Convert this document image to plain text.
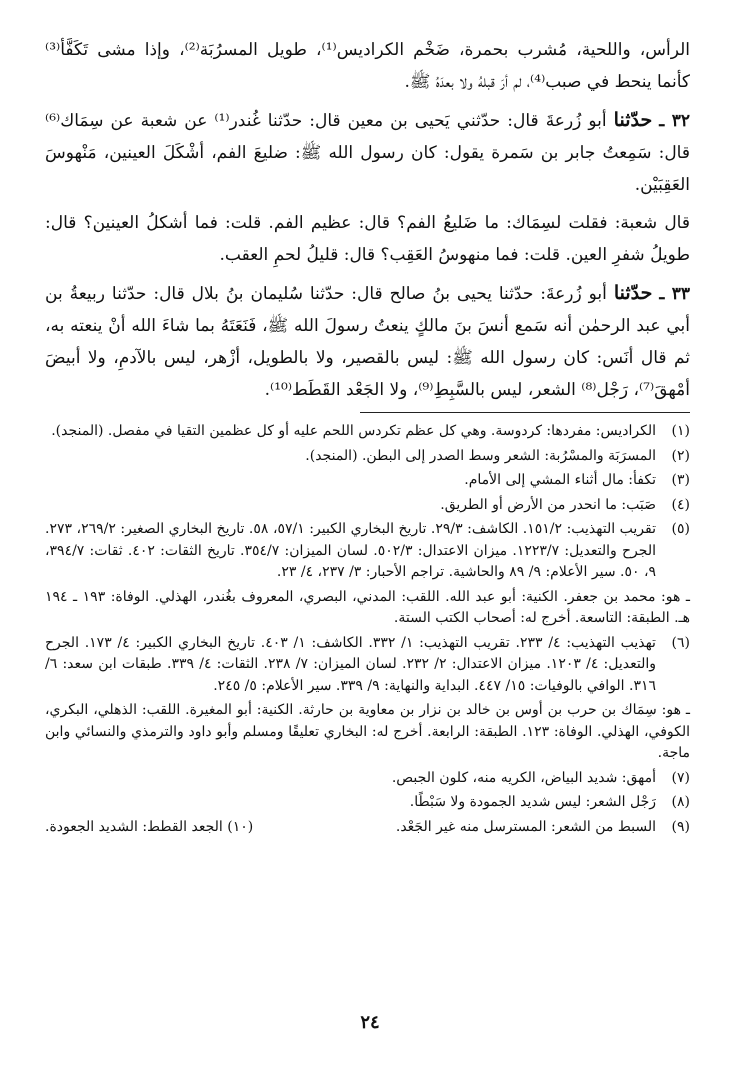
الرأس، واللحية، مُشرب بحمرة، ضَخْم الكراديس⁽¹⁾، طويل المسرُبَة⁽²⁾، وإذا مشى تَكَفَّأ⁽³⁾ كأنما ينحط في صبب⁽⁴⁾، لم أرَ قبلهُ ولا بعدَهُ ﷺ.

٣٢ ـ حدّثنا أبو زُرعةَ قال: حدّثني يَحيى بن معين قال: حدّثنا غُندر⁽¹⁾ عن شعبة عن سِمَاك⁽⁶⁾ قال: سَمِعتُ جابر بن سَمرة يقول: كان رسول الله ﷺ: ضليعَ الفم، أشْكَلَ العينين، مَنْهوسَ العَقِبَيْن.

قال شعبة: فقلت لسِمَاك: ما ضَليعُ الفم؟ قال: عظيم الفم. قلت: فما أشكلُ العينين؟ قال: طويلُ شفرِ العين. قلت: فما منهوسُ العَقِب؟ قال: قليلُ لحمِ العقب.

٣٣ ـ حدّثنا أبو زُرعةَ: حدّثنا يحيى بنُ صالح قال: حدّثنا سُليمان بنُ بلال قال: حدّثنا ربيعةُ بن أبي عبد الرحمٰن أنه سَمع أنسَ بنَ مالكٍ ينعتُ رسولَ الله ﷺ، فَنَعَتَهُ بما شاءَ الله أنْ ينعته به، ثم قال أنَس: كان رسول الله ﷺ: ليس بالقصير، ولا بالطويل، أزْهر، ليس بالآدمِ، ولا أبيضَ أمْهقَ⁽⁷⁾، رَجْل⁽⁸⁾ الشعر، ليس بالسَّبِطِ⁽⁹⁾، ولا الجَعْد القَطَط⁽¹⁰⁾.

(١)
الكراديس: مفردها: كردوسة. وهي كل عظم تكردس اللحم عليه أو كل عظمين التقيا في مفصل. (المنجد).
(٢)
المسرَبَة والمسْرُبة: الشعر وسط الصدر إلى البطن. (المنجد).
(٣)
تكفأ: مال أثناء المشي إلى الأمام.
(٤)
صَبَب: ما انحدر من الأرض أو الطريق.
(٥)
تقريب التهذيب: ١٥١/٢. الكاشف: ٢٩/٣. تاريخ البخاري الكبير: ٥٧/١، ٥٨. تاريخ البخاري الصغير: ٢٦٩/٢، ٢٧٣. الجرح والتعديل: ١٢٢٣/٧. ميزان الاعتدال: ٥٠٢/٣. لسان الميزان: ٣٥٤/٧. تاريخ الثقات: ٤٠٢. ثقات: ٣٩٤/٧، ٩، ٥٠. سير الأعلام: ٩/ ٨٩ والحاشية. تراجم الأحبار: ٣/ ٢٣٧، ٤/ ٢٣.
ـ هو: محمد بن جعفر. الكنية: أبو عبد الله. اللقب: المدني، البصري، المعروف بغُندر، الهذلي. الوفاة: ١٩٣ ـ ١٩٤ هـ. الطبقة: التاسعة. أخرج له: أصحاب الكتب الستة.
(٦)
تهذيب التهذيب: ٤/ ٢٣٣. تقريب التهذيب: ١/ ٣٣٢. الكاشف: ١/ ٤٠٣. تاريخ البخاري الكبير: ٤/ ١٧٣. الجرح والتعديل: ٤/ ١٢٠٣. ميزان الاعتدال: ٢/ ٢٣٢. لسان الميزان: ٧/ ٢٣٨. الثقات: ٤/ ٣٣٩. طبقات ابن سعد: ٦/ ٣١٦. الوافي بالوفيات: ١٥/ ٤٤٧. البداية والنهاية: ٩/ ٣٣٩. سير الأعلام: ٥/ ٢٤٥.
ـ هو: سِمَاك بن حرب بن أوس بن خالد بن نزار بن معاوية بن حارثة. الكنية: أبو المغيرة. اللقب: الذهلي، البكري، الكوفي، الهذلي. الوفاة: ١٢٣. الطبقة: الرابعة. أخرج له: البخاري تعليقًا ومسلم وأبو داود والترمذي والنسائي وابن ماجة.
(٧)
أمهق: شديد البياض، الكريه منه، كلون الجبص.
(٨)
رَجْل الشعر: ليس شديد الجمودة ولا سَبْطًا.
(٩)
السبط من الشعر: المسترسل منه غير الجَعْد.
(١٠) الجعد القطط: الشديد الجعودة.
٢٤
